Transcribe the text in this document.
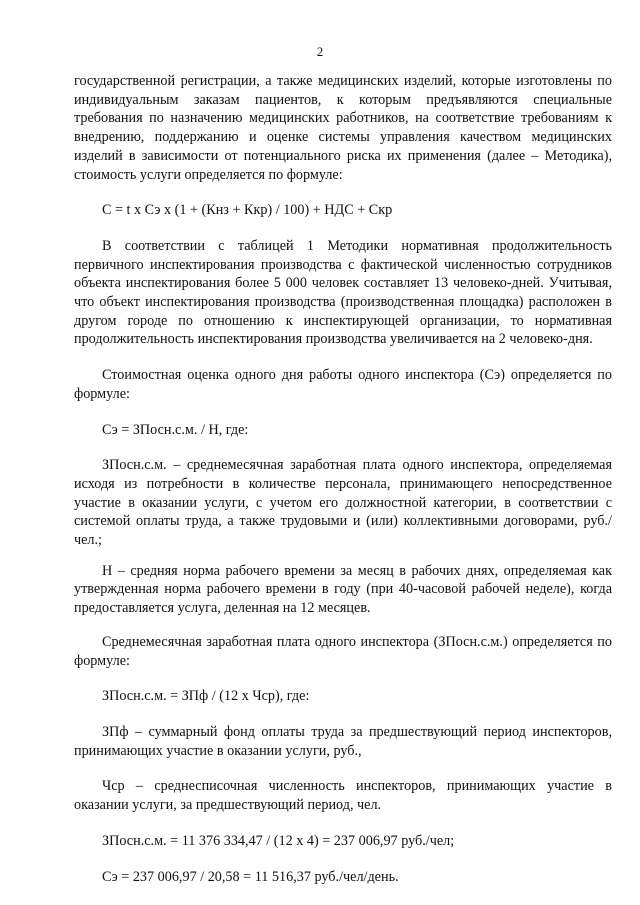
2

государственной регистрации, а также медицинских изделий, которые изготовлены по индивидуальным заказам пациентов, к которым предъявляются специальные требования по назначению медицинских работников, на соответствие требованиям к внедрению, поддержанию и оценке системы управления качеством медицинских изделий в зависимости от потенциального риска их применения (далее – Методика), стоимость услуги определяется по формуле:

С = t х Сэ х (1 + (Кнз + Ккр) / 100) + НДС + Скр

В соответствии с таблицей 1 Методики нормативная продолжительность первичного инспектирования производства с фактической численностью сотрудников объекта инспектирования более 5 000 человек составляет 13 человеко-дней. Учитывая, что объект инспектирования производства (производственная площадка) расположен в другом городе по отношению к инспектирующей организации, то нормативная продолжительность инспектирования производства увеличивается на 2 человеко-дня.

Стоимостная оценка одного дня работы одного инспектора (Сэ) определяется по формуле:

Сэ = ЗПосн.с.м. / Н, где:

ЗПосн.с.м. – среднемесячная заработная плата одного инспектора, определяемая исходя из потребности в количестве персонала, принимающего непосредственное участие в оказании услуги, с учетом его должностной категории, в соответствии с системой оплаты труда, а также трудовыми и (или) коллективными договорами, руб./чел.;

Н – средняя норма рабочего времени за месяц в рабочих днях, определяемая как утвержденная норма рабочего времени в году (при 40-часовой рабочей неделе), когда предоставляется услуга, деленная на 12 месяцев.

Среднемесячная заработная плата одного инспектора (ЗПосн.с.м.) определяется по формуле:

ЗПосн.с.м. = ЗПф / (12 х Чср), где:

ЗПф – суммарный фонд оплаты труда за предшествующий период инспекторов, принимающих участие в оказании услуги, руб.,

Чср – среднесписочная численность инспекторов, принимающих участие в оказании услуги, за предшествующий период, чел.

ЗПосн.с.м. = 11 376 334,47 / (12 х 4) = 237 006,97 руб./чел;

Сэ = 237 006,97 / 20,58 = 11 516,37 руб./чел/день.
